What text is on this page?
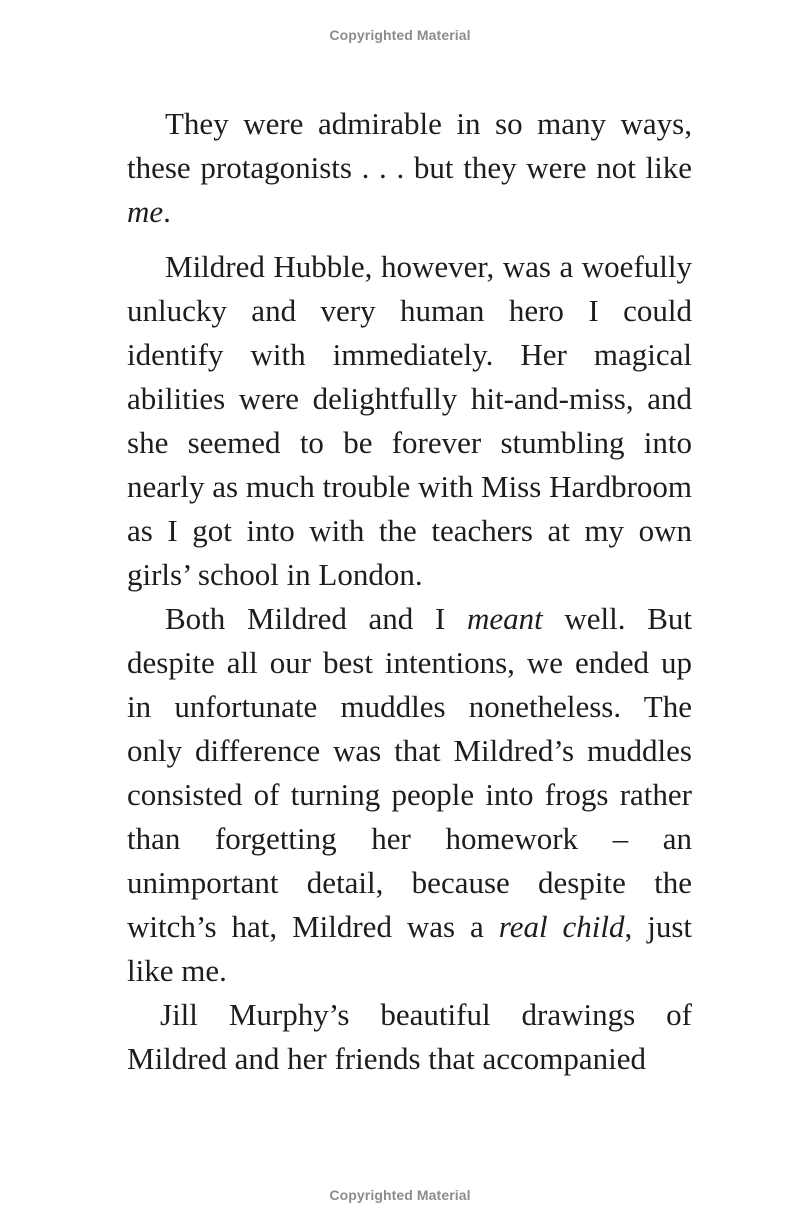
Copyrighted Material

They were admirable in so many ways, these protagonists . . . but they were not like me.

Mildred Hubble, however, was a woefully unlucky and very human hero I could identify with immediately. Her magical abilities were delightfully hit-and-miss, and she seemed to be forever stumbling into nearly as much trouble with Miss Hardbroom as I got into with the teachers at my own girls’ school in London.

Both Mildred and I meant well. But despite all our best intentions, we ended up in unfortunate muddles nonetheless. The only difference was that Mildred’s muddles consisted of turning people into frogs rather than forgetting her homework – an unimportant detail, because despite the witch’s hat, Mildred was a real child, just like me.

Jill Murphy’s beautiful drawings of Mildred and her friends that accompanied

Copyrighted Material
